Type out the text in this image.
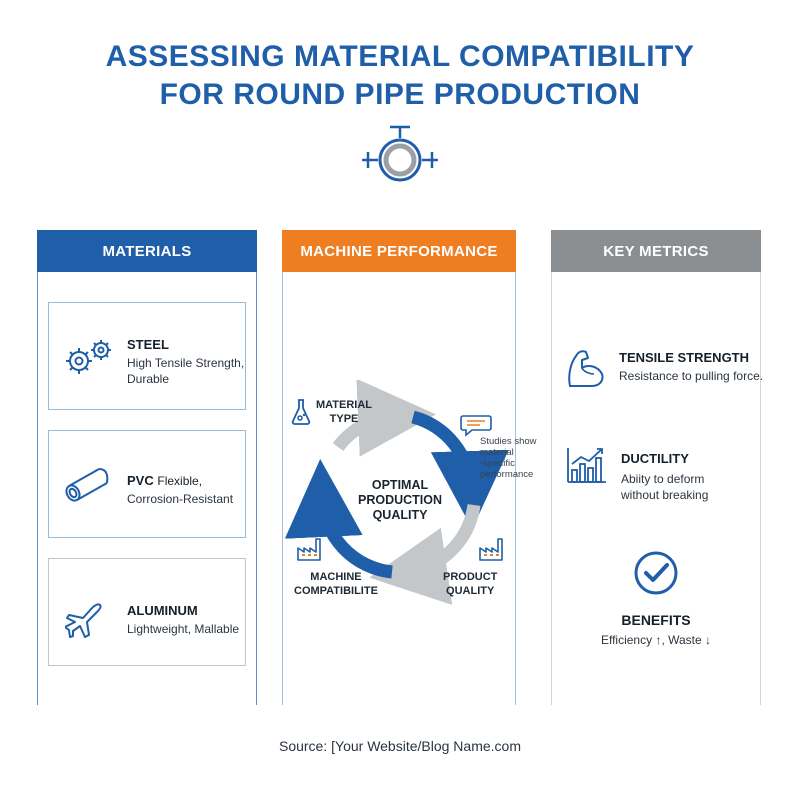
ASSESSING MATERIAL COMPATIBILITY
FOR ROUND PIPE PRODUCTION
MATERIALS	MACHINE PERFORMANCE	KEY METRICS
STEEL
High Tensile Strength,
Durable
PVC Flexible,
Corrosion-Resistant
ALUMINUM
Lightweight, Mallable
MATERIAL
TYPE
Studies show
material
-specific
performance
OPTIMAL
PRODUCTION
QUALITY
MACHINE
COMPATIBILITE
PRODUCT
QUALITY
TENSILE STRENGTH
Resistance to pulling force.
DUCTILITY
Abiity to deform
without breaking
BENEFITS
Efficiency ↑, Waste ↓
Source: [Your Website/Blog Name.com
